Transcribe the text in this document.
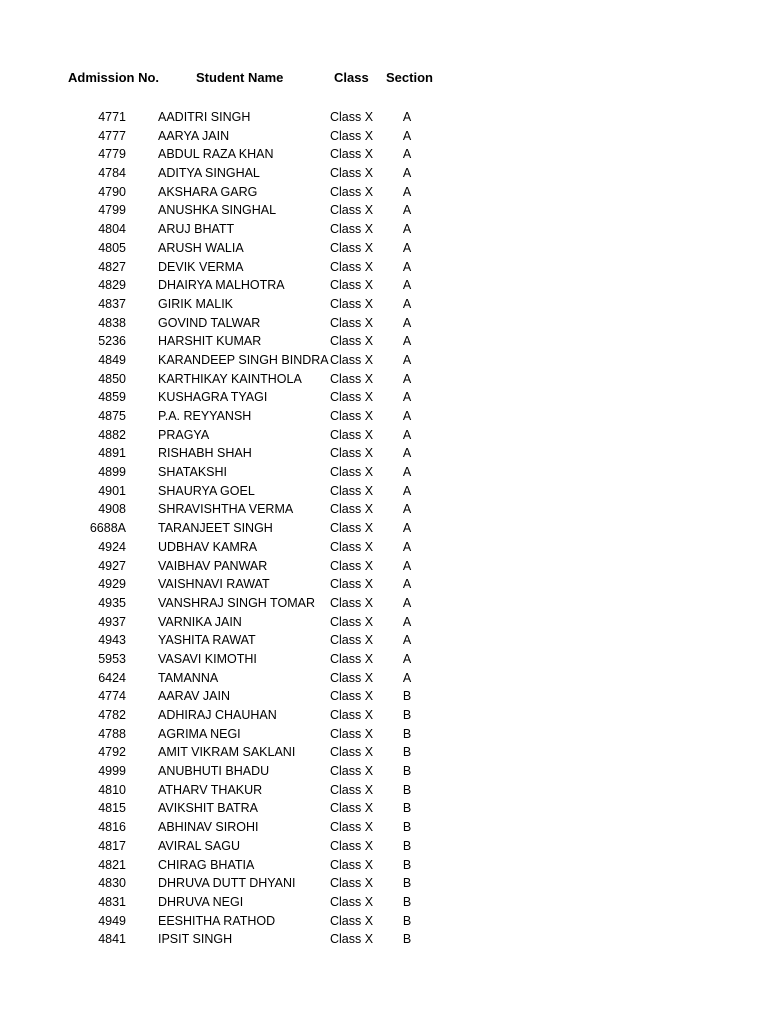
Admission No.	Student Name	Class Section
4771	AADITRI SINGH	Class X	A
4777	AARYA JAIN	Class X	A
4779	ABDUL RAZA KHAN	Class X	A
4784	ADITYA SINGHAL	Class X	A
4790	AKSHARA GARG	Class X	A
4799	ANUSHKA SINGHAL	Class X	A
4804	ARUJ BHATT	Class X	A
4805	ARUSH WALIA	Class X	A
4827	DEVIK VERMA	Class X	A
4829	DHAIRYA MALHOTRA	Class X	A
4837	GIRIK MALIK	Class X	A
4838	GOVIND TALWAR	Class X	A
5236	HARSHIT KUMAR	Class X	A
4849	KARANDEEP SINGH BINDRA Class X	A
4850	KARTHIKAY KAINTHOLA Class X	A
4859	KUSHAGRA TYAGI	Class X	A
4875	P.A. REYYANSH	Class X	A
4882	PRAGYA	Class X	A
4891	RISHABH SHAH	Class X	A
4899	SHATAKSHI	Class X	A
4901	SHAURYA GOEL	Class X	A
4908	SHRAVISHTHA VERMA	Class X	A
6688A	TARANJEET SINGH	Class X	A
4924	UDBHAV KAMRA	Class X	A
4927	VAIBHAV PANWAR	Class X	A
4929	VAISHNAVI RAWAT	Class X	A
4935	VANSHRAJ SINGH TOMAR Class X	A
4937	VARNIKA JAIN	Class X	A
4943	YASHITA RAWAT	Class X	A
5953	VASAVI KIMOTHI	Class X	A
6424	TAMANNA	Class X	A
4774	AARAV JAIN	Class X	B
4782	ADHIRAJ CHAUHAN	Class X	B
4788	AGRIMA NEGI	Class X	B
4792	AMIT VIKRAM SAKLANI	Class X	B
4999	ANUBHUTI BHADU	Class X	B
4810	ATHARV THAKUR	Class X	B
4815	AVIKSHIT BATRA	Class X	B
4816	ABHINAV SIROHI	Class X	B
4817	AVIRAL SAGU	Class X	B
4821	CHIRAG BHATIA	Class X	B
4830	DHRUVA DUTT DHYANI	Class X	B
4831	DHRUVA NEGI	Class X	B
4949	EESHITHA RATHOD	Class X	B
4841	IPSIT SINGH	Class X	B
